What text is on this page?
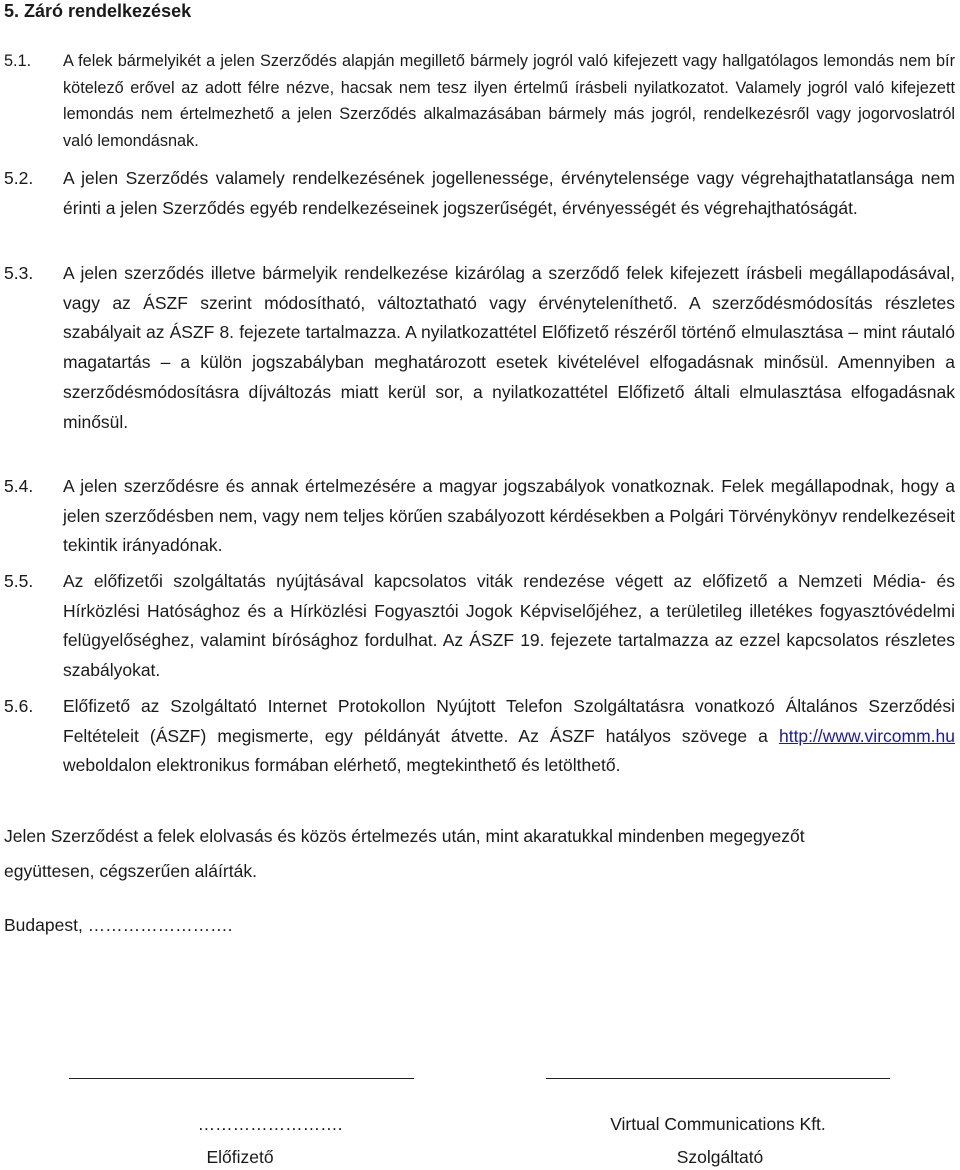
5. Záró rendelkezések
5.1. A felek bármelyikét a jelen Szerződés alapján megillető bármely jogról való kifejezett vagy hallgatólagos lemondás nem bír kötelező erővel az adott félre nézve, hacsak nem tesz ilyen értelmű írásbeli nyilatkozatot. Valamely jogról való kifejezett lemondás nem értelmezhető a jelen Szerződés alkalmazásában bármely más jogról, rendelkezésről vagy jogorvoslatról való lemondásnak.
5.2. A jelen Szerződés valamely rendelkezésének jogellenessége, érvénytelensége vagy végrehajthatatlansága nem érinti a jelen Szerződés egyéb rendelkezéseinek jogszerűségét, érvényességét és végrehajthatóságát.
5.3. A jelen szerződés illetve bármelyik rendelkezése kizárólag a szerződő felek kifejezett írásbeli megállapodásával, vagy az ÁSZF szerint módosítható, változtatható vagy érvényteleníthető. A szerződésmódosítás részletes szabályait az ÁSZF 8. fejezete tartalmazza. A nyilatkozattétel Előfizető részéről történő elmulasztása – mint ráutaló magatartás – a külön jogszabályban meghatározott esetek kivételével elfogadásnak minősül. Amennyiben a szerződésmódosításra díjváltozás miatt kerül sor, a nyilatkozattétel Előfizető általi elmulasztása elfogadásnak minősül.
5.4. A jelen szerződésre és annak értelmezésére a magyar jogszabályok vonatkoznak. Felek megállapodnak, hogy a jelen szerződésben nem, vagy nem teljes körűen szabályozott kérdésekben a Polgári Törvénykönyv rendelkezéseit tekintik irányadónak.
5.5. Az előfizetői szolgáltatás nyújtásával kapcsolatos viták rendezése végett az előfizető a Nemzeti Média- és Hírközlési Hatósághoz és a Hírközlési Fogyasztói Jogok Képviselőjéhez, a területileg illetékes fogyasztóvédelmi felügyelőséghez, valamint bírósághoz fordulhat. Az ÁSZF 19. fejezete tartalmazza az ezzel kapcsolatos részletes szabályokat.
5.6. Előfizető az Szolgáltató Internet Protokollon Nyújtott Telefon Szolgáltatásra vonatkozó Általános Szerződési Feltételeit (ÁSZF) megismerte, egy példányát átvette. Az ÁSZF hatályos szövege a http://www.vircomm.hu weboldalon elektronikus formában elérhető, megtekinthető és letölthető.
Jelen Szerződést a felek elolvasás és közös értelmezés után, mint akaratukkal mindenben megegyezőt együttesen, cégszerűen aláírták.
Budapest, …………………….
…………………….
Előfizető
Virtual Communications Kft.
Szolgáltató
